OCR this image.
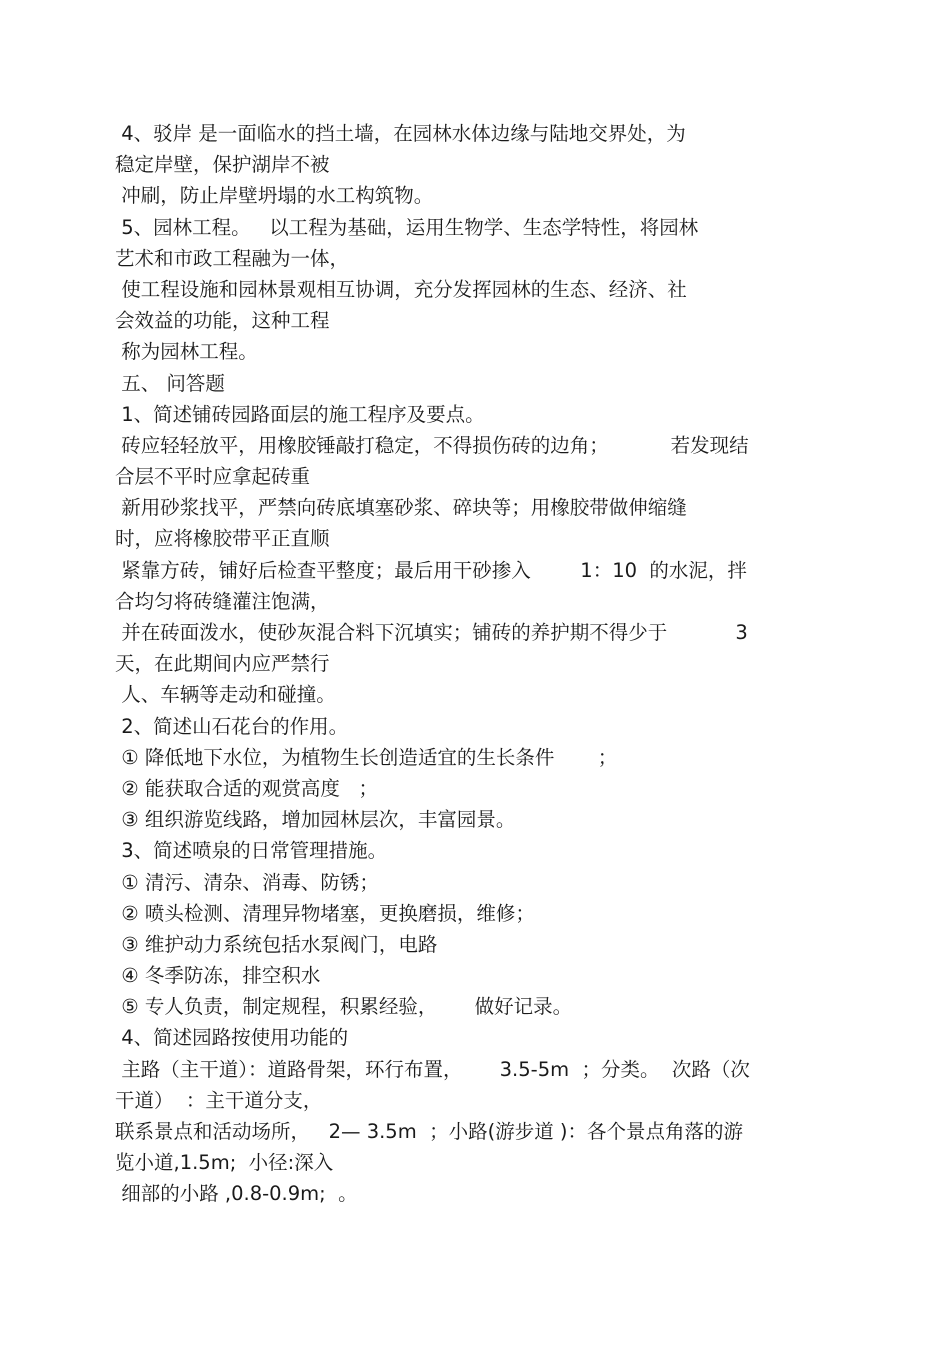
4、驳岸 是一面临水的挡土墙，在园林水体边缘与陆地交界处，为
稳定岸壁，保护湖岸不被
冲刷，防止岸壁坍塌的水工构筑物。
5、园林工程。   以工程为基础，运用生物学、生态学特性，将园林
艺术和市政工程融为一体，
使工程设施和园林景观相互协调，充分发挥园林的生态、经济、社
会效益的功能，这种工程
称为园林工程。
五、 问答题
1、简述铺砖园路面层的施工程序及要点。
砖应轻轻放平，用橡胶锤敲打稳定，不得损伤砖的边角；          若发现结
合层不平时应拿起砖重
新用砂浆找平，严禁向砖底填塞砂浆、碎块等；用橡胶带做伸缩缝
时，应将橡胶带平正直顺
紧靠方砖，铺好后检查平整度；最后用干砂掺入        1：10  的水泥，拌
合均匀将砖缝灌注饱满，
并在砖面泼水，使砂灰混合料下沉填实；铺砖的养护期不得少于           3
天，在此期间内应严禁行
人、车辆等走动和碰撞。
2、简述山石花台的作用。
① 降低地下水位，为植物生长创造适宜的生长条件       ；
② 能获取合适的观赏高度   ；
③ 组织游览线路，增加园林层次，丰富园景。
3、简述喷泉的日常管理措施。
① 清污、清杂、消毒、防锈；
② 喷头检测、清理异物堵塞，更换磨损，维修；
③ 维护动力系统包括水泵阀门，电路
④ 冬季防冻，排空积水
⑤ 专人负责，制定规程，积累经验，      做好记录。
4、简述园路按使用功能的
主路（主干道）：道路骨架，环行布置，      3.5-5m  ；分类。  次路（次
干道）  ：主干道分支，
联系景点和活动场所，   2— 3.5m  ；小路(游步道 )：各个景点角落的游
览小道,1.5m;  小径:深入
细部的小路 ,0.8-0.9m;  。
